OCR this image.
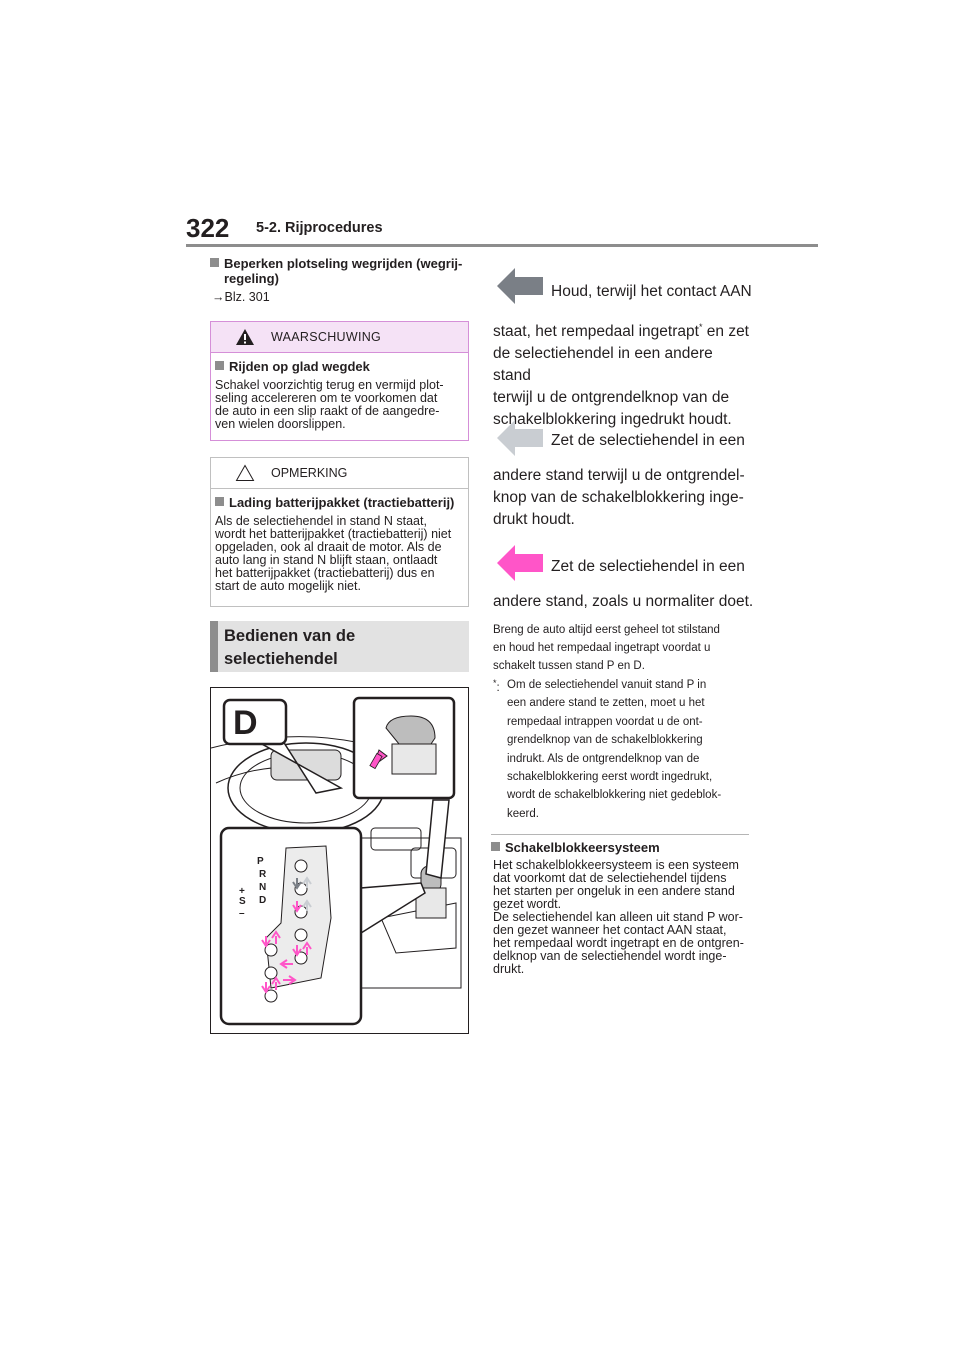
322 5-2. Rijprocedures
Beperken plotseling wegrijden (wegrij-
regeling)
→Blz. 301
WAARSCHUWING
Rijden op glad wegdek
Schakel voorzichtig terug en vermijd plot-
seling accelereren om te voorkomen dat
de auto in een slip raakt of de aangedre-
ven wielen doorslippen.
OPMERKING
Lading batterijpakket (tractiebatterij)
Als de selectiehendel in stand N staat,
wordt het batterijpakket (tractiebatterij) niet
opgeladen, ook al draait de motor. Als de
auto lang in stand N blijft staan, ontlaadt
het batterijpakket (tractiebatterij) dus en
start de auto mogelijk niet.
Bedienen van de
selectiehendel
D
P
R
N
D
+
S
–
Houd, terwijl het contact AAN
staat, het rempedaal ingetrapt* en zet
de selectiehendel in een andere stand
terwijl u de ontgrendelknop van de
schakelblokkering ingedrukt houdt.
Zet de selectiehendel in een
andere stand terwijl u de ontgrendel-
knop van de schakelblokkering inge-
drukt houdt.
Zet de selectiehendel in een
andere stand, zoals u normaliter doet.
Breng de auto altijd eerst geheel tot stilstand
en houd het rempedaal ingetrapt voordat u
schakelt tussen stand P en D.
*: Om de selectiehendel vanuit stand P in
een andere stand te zetten, moet u het
rempedaal intrappen voordat u de ont-
grendelknop van de schakelblokkering
indrukt. Als de ontgrendelknop van de
schakelblokkering eerst wordt ingedrukt,
wordt de schakelblokkering niet gedeblok-
keerd.
Schakelblokkeersysteem
Het schakelblokkeersysteem is een systeem
dat voorkomt dat de selectiehendel tijdens
het starten per ongeluk in een andere stand
gezet wordt.
De selectiehendel kan alleen uit stand P wor-
den gezet wanneer het contact AAN staat,
het rempedaal wordt ingetrapt en de ontgren-
delknop van de selectiehendel wordt inge-
drukt.
